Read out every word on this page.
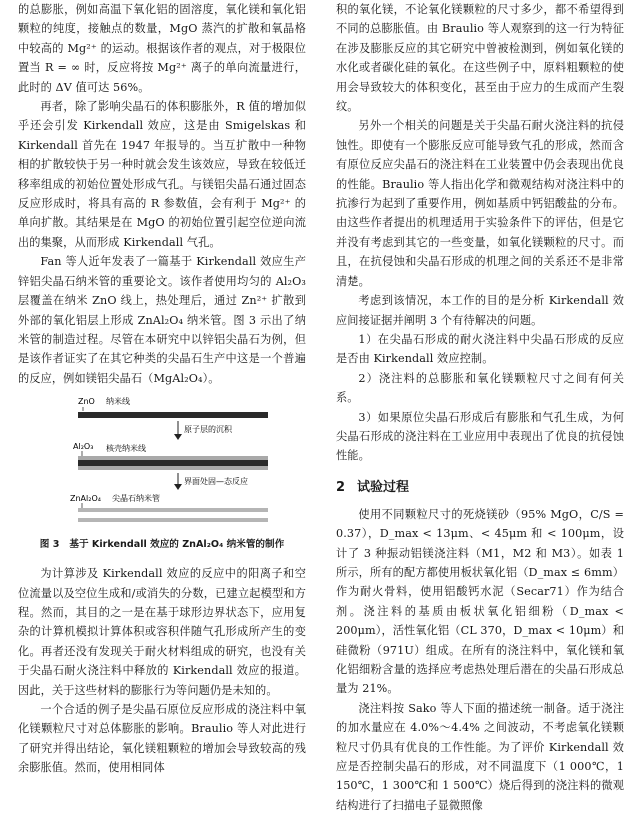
的总膨胀，例如高温下氧化铝的固溶度，氧化镁和氧化铝颗粒的纯度，接触点的数量，MgO 蒸汽的扩散和氧晶格中较高的 Mg²⁺ 的运动。根据该作者的观点，对于极限位置当 R = ∞ 时，反应将按 Mg²⁺ 离子的单向流量进行，此时的 ΔV 值可达 56%。

再者，除了影响尖晶石的体积膨胀外，R 值的增加似乎还会引发 Kirkendall 效应，这是由 Smigelskas 和 Kirkendall 首先在 1947 年报导的。当互扩散中一种物相的扩散较快于另一种时就会发生该效应，导致在较低迁移率组成的初始位置处形成气孔。与镁铝尖晶石通过固态反应形成时，将具有高的 R 参数值，会有利于 Mg²⁺ 的单向扩散。其结果是在 MgO 的初始位置引起空位逆向流出的集聚，从而形成 Kirkendall 气孔。

Fan 等人近年发表了一篇基于 Kirkendall 效应生产锌铝尖晶石纳米管的重要论文。该作者使用均匀的 Al₂O₃ 层覆盖在纳米 ZnO 线上，热处理后，通过 Zn²⁺ 扩散到外部的氧化铝层上形成 ZnAl₂O₄ 纳米管。图 3 示出了纳米管的制造过程。尽管在本研究中以锌铝尖晶石为例，但是该作者证实了在其它种类的尖晶石生产中这是一个普遍的反应，例如镁铝尖晶石（MgAl₂O₄）。

ZnO 纳米线
原子层的沉积
Al₂O₃ 核壳纳米线
界面处固—态反应
ZnAl₂O₄ 尖晶石纳米管
图 3 基于 Kirkendall 效应的 ZnAl₂O₄ 纳米管的制作

为计算涉及 Kirkendall 效应的反应中的阳离子和空位流量以及空位生成和/或消失的分数，已建立起模型和方程。然而，其目的之一是在基于球形边界状态下，应用复杂的计算机模拟计算体积或容积伴随气孔形成所产生的变化。再者还没有发现关于耐火材料组成的研究，也没有关于尖晶石耐火浇注料中释放的 Kirkendall 效应的报道。因此，关于这些材料的膨胀行为等问题仍是未知的。

一个合适的例子是尖晶石原位反应形成的浇注料中氧化镁颗粒尺寸对总体膨胀的影响。Braulio 等人对此进行了研究并得出结论，氧化镁粗颗粒的增加会导致较高的残余膨胀值。然而，使用相同体

积的氧化镁，不论氧化镁颗粒的尺寸多少，都不希望得到不同的总膨胀值。由 Braulio 等人观察到的这一行为特征在涉及膨胀反应的其它研究中曾被检测到，例如氧化镁的水化或者碳化硅的氧化。在这些例子中，原料粗颗粒的使用会导致较大的体积变化，甚至由于应力的生成而产生裂纹。

另外一个相关的问题是关于尖晶石耐火浇注料的抗侵蚀性。即使有一个膨胀反应可能导致气孔的形成，然而含有原位反应尖晶石的浇注料在工业装置中仍会表现出优良的性能。Braulio 等人指出化学和微观结构对浇注料中的抗渗行为起到了重要作用，例如基质中钙铝酸盐的分布。由这些作者提出的机理适用于实验条件下的评估，但是它并没有考虑到其它的一些变量，如氧化镁颗粒的尺寸。而且，在抗侵蚀和尖晶石形成的机理之间的关系还不是非常清楚。

考虑到该情况，本工作的目的是分析 Kirkendall 效应间接证据并阐明 3 个有待解决的问题。

1）在尖晶石形成的耐火浇注料中尖晶石形成的反应是否由 Kirkendall 效应控制。

2）浇注料的总膨胀和氧化镁颗粒尺寸之间有何关系。

3）如果原位尖晶石形成后有膨胀和气孔生成，为何尖晶石形成的浇注料在工业应用中表现出了优良的抗侵蚀性能。

2 试验过程

使用不同颗粒尺寸的死烧镁砂（95% MgO，C/S = 0.37），D_max < 13μm、< 45μm 和 < 100μm，设计了 3 种振动铝镁浇注料（M1，M2 和 M3）。如表 1 所示，所有的配方都使用板状氧化铝（D_max ≤ 6mm）作为耐火骨料，使用铝酸钙水泥（Secar71）作为结合剂。浇注料的基质由板状氧化铝细粉（D_max < 200μm），活性氧化铝（CL 370，D_max < 10μm）和硅微粉（971U）组成。在所有的浇注料中，氧化镁和氧化铝细粉含量的选择应考虑热处理后潜在的尖晶石形成总量为 21%。

浇注料按 Sako 等人下面的描述统一制备。适于浇注的加水量应在 4.0%～4.4% 之间波动，不考虑氧化镁颗粒尺寸仍具有优良的工作性能。为了评价 Kirkendall 效应是否控制尖晶石的形成，对不同温度下（1 000℃，1 150℃，1 300℃和 1 500℃）烧后得到的浇注料的微观结构进行了扫描电子显微照像
